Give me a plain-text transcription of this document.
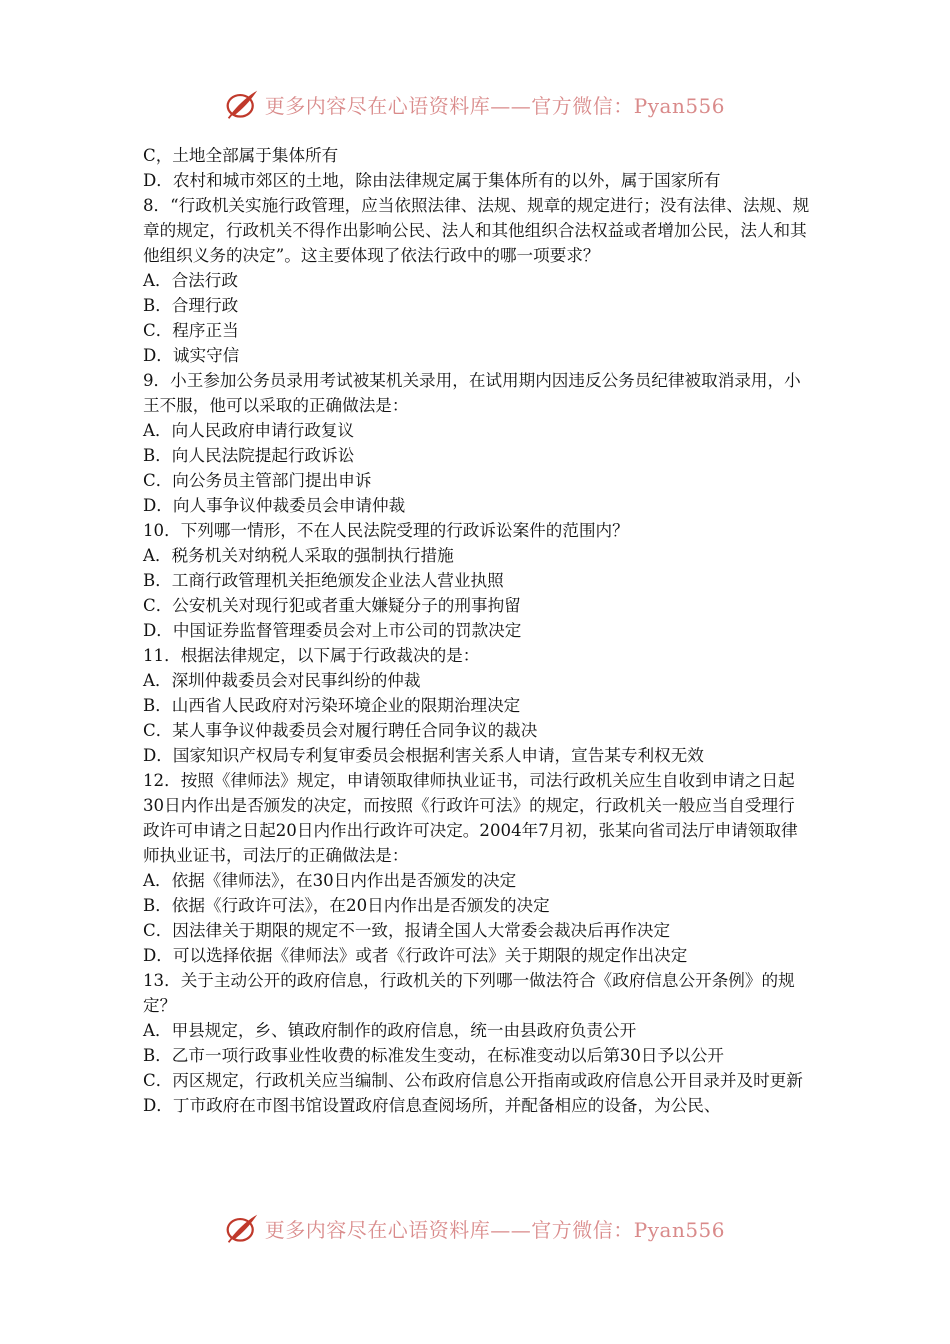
更多内容尽在心语资料库——官方微信：Pyan556

C，土地全部属于集体所有

D．农村和城市郊区的土地，除由法律规定属于集体所有的以外，属于国家所有

8．“行政机关实施行政管理，应当依照法律、法规、规章的规定进行；没有法律、法规、规章的规定，行政机关不得作出影响公民、法人和其他组织合法权益或者增加公民，法人和其他组织义务的决定”。这主要体现了依法行政中的哪一项要求？

A．合法行政

B．合理行政

C．程序正当

D．诚实守信

9．小王参加公务员录用考试被某机关录用，在试用期内因违反公务员纪律被取消录用，小王不服，他可以采取的正确做法是：

A．向人民政府申请行政复议

B．向人民法院提起行政诉讼

C．向公务员主管部门提出申诉

D．向人事争议仲裁委员会申请仲裁

10．下列哪一情形，不在人民法院受理的行政诉讼案件的范围内？

A．税务机关对纳税人采取的强制执行措施

B．工商行政管理机关拒绝颁发企业法人营业执照

C．公安机关对现行犯或者重大嫌疑分子的刑事拘留

D．中国证券监督管理委员会对上市公司的罚款决定

11．根据法律规定，以下属于行政裁决的是：

A．深圳仲裁委员会对民事纠纷的仲裁

B．山西省人民政府对污染环境企业的限期治理决定

C．某人事争议仲裁委员会对履行聘任合同争议的裁决

D．国家知识产权局专利复审委员会根据利害关系人申请，宣告某专利权无效

12．按照《律师法》规定，申请领取律师执业证书，司法行政机关应生自收到申请之日起30日内作出是否颁发的决定，而按照《行政许可法》的规定，行政机关一般应当自受理行政许可申请之日起20日内作出行政许可决定。2004年7月初，张某向省司法厅申请领取律师执业证书，司法厅的正确做法是：

A．依据《律师法》，在30日内作出是否颁发的决定

B．依据《行政许可法》，在20日内作出是否颁发的决定

C．因法律关于期限的规定不一致，报请全国人大常委会裁决后再作决定

D．可以选择依据《律师法》或者《行政许可法》关于期限的规定作出决定

13．关于主动公开的政府信息，行政机关的下列哪一做法符合《政府信息公开条例》的规定？

A．甲县规定，乡、镇政府制作的政府信息，统一由县政府负责公开

B．乙市一项行政事业性收费的标准发生变动，在标准变动以后第30日予以公开

C．丙区规定，行政机关应当编制、公布政府信息公开指南或政府信息公开目录并及时更新

D．丁市政府在市图书馆设置政府信息查阅场所，并配备相应的设备，为公民、

更多内容尽在心语资料库——官方微信：Pyan556
